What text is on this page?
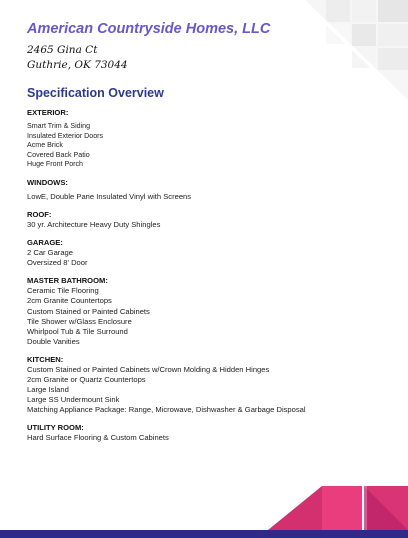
American Countryside Homes, LLC
2465 Gina Ct
Guthrie, OK 73044
Specification Overview
EXTERIOR:
Smart Trim & Siding
Insulated Exterior Doors
Acme Brick
Covered Back Patio
Huge Front Porch
WINDOWS:
LowE, Double Pane Insulated Vinyl with Screens
ROOF:
30 yr. Architecture Heavy Duty Shingles
GARAGE:
2 Car Garage
Oversized 8' Door
MASTER BATHROOM:
Ceramic Tile Flooring
2cm Granite Countertops
Custom Stained or Painted Cabinets
Tile Shower w/Glass Enclosure
Whirlpool Tub & Tile Surround
Double Vanities
KITCHEN:
Custom Stained or Painted Cabinets w/Crown Molding & Hidden Hinges
2cm Granite or Quartz Countertops
Large Island
Large SS Undermount Sink
Matching Appliance Package: Range, Microwave, Dishwasher & Garbage Disposal
UTILITY ROOM:
Hard Surface Flooring & Custom Cabinets
